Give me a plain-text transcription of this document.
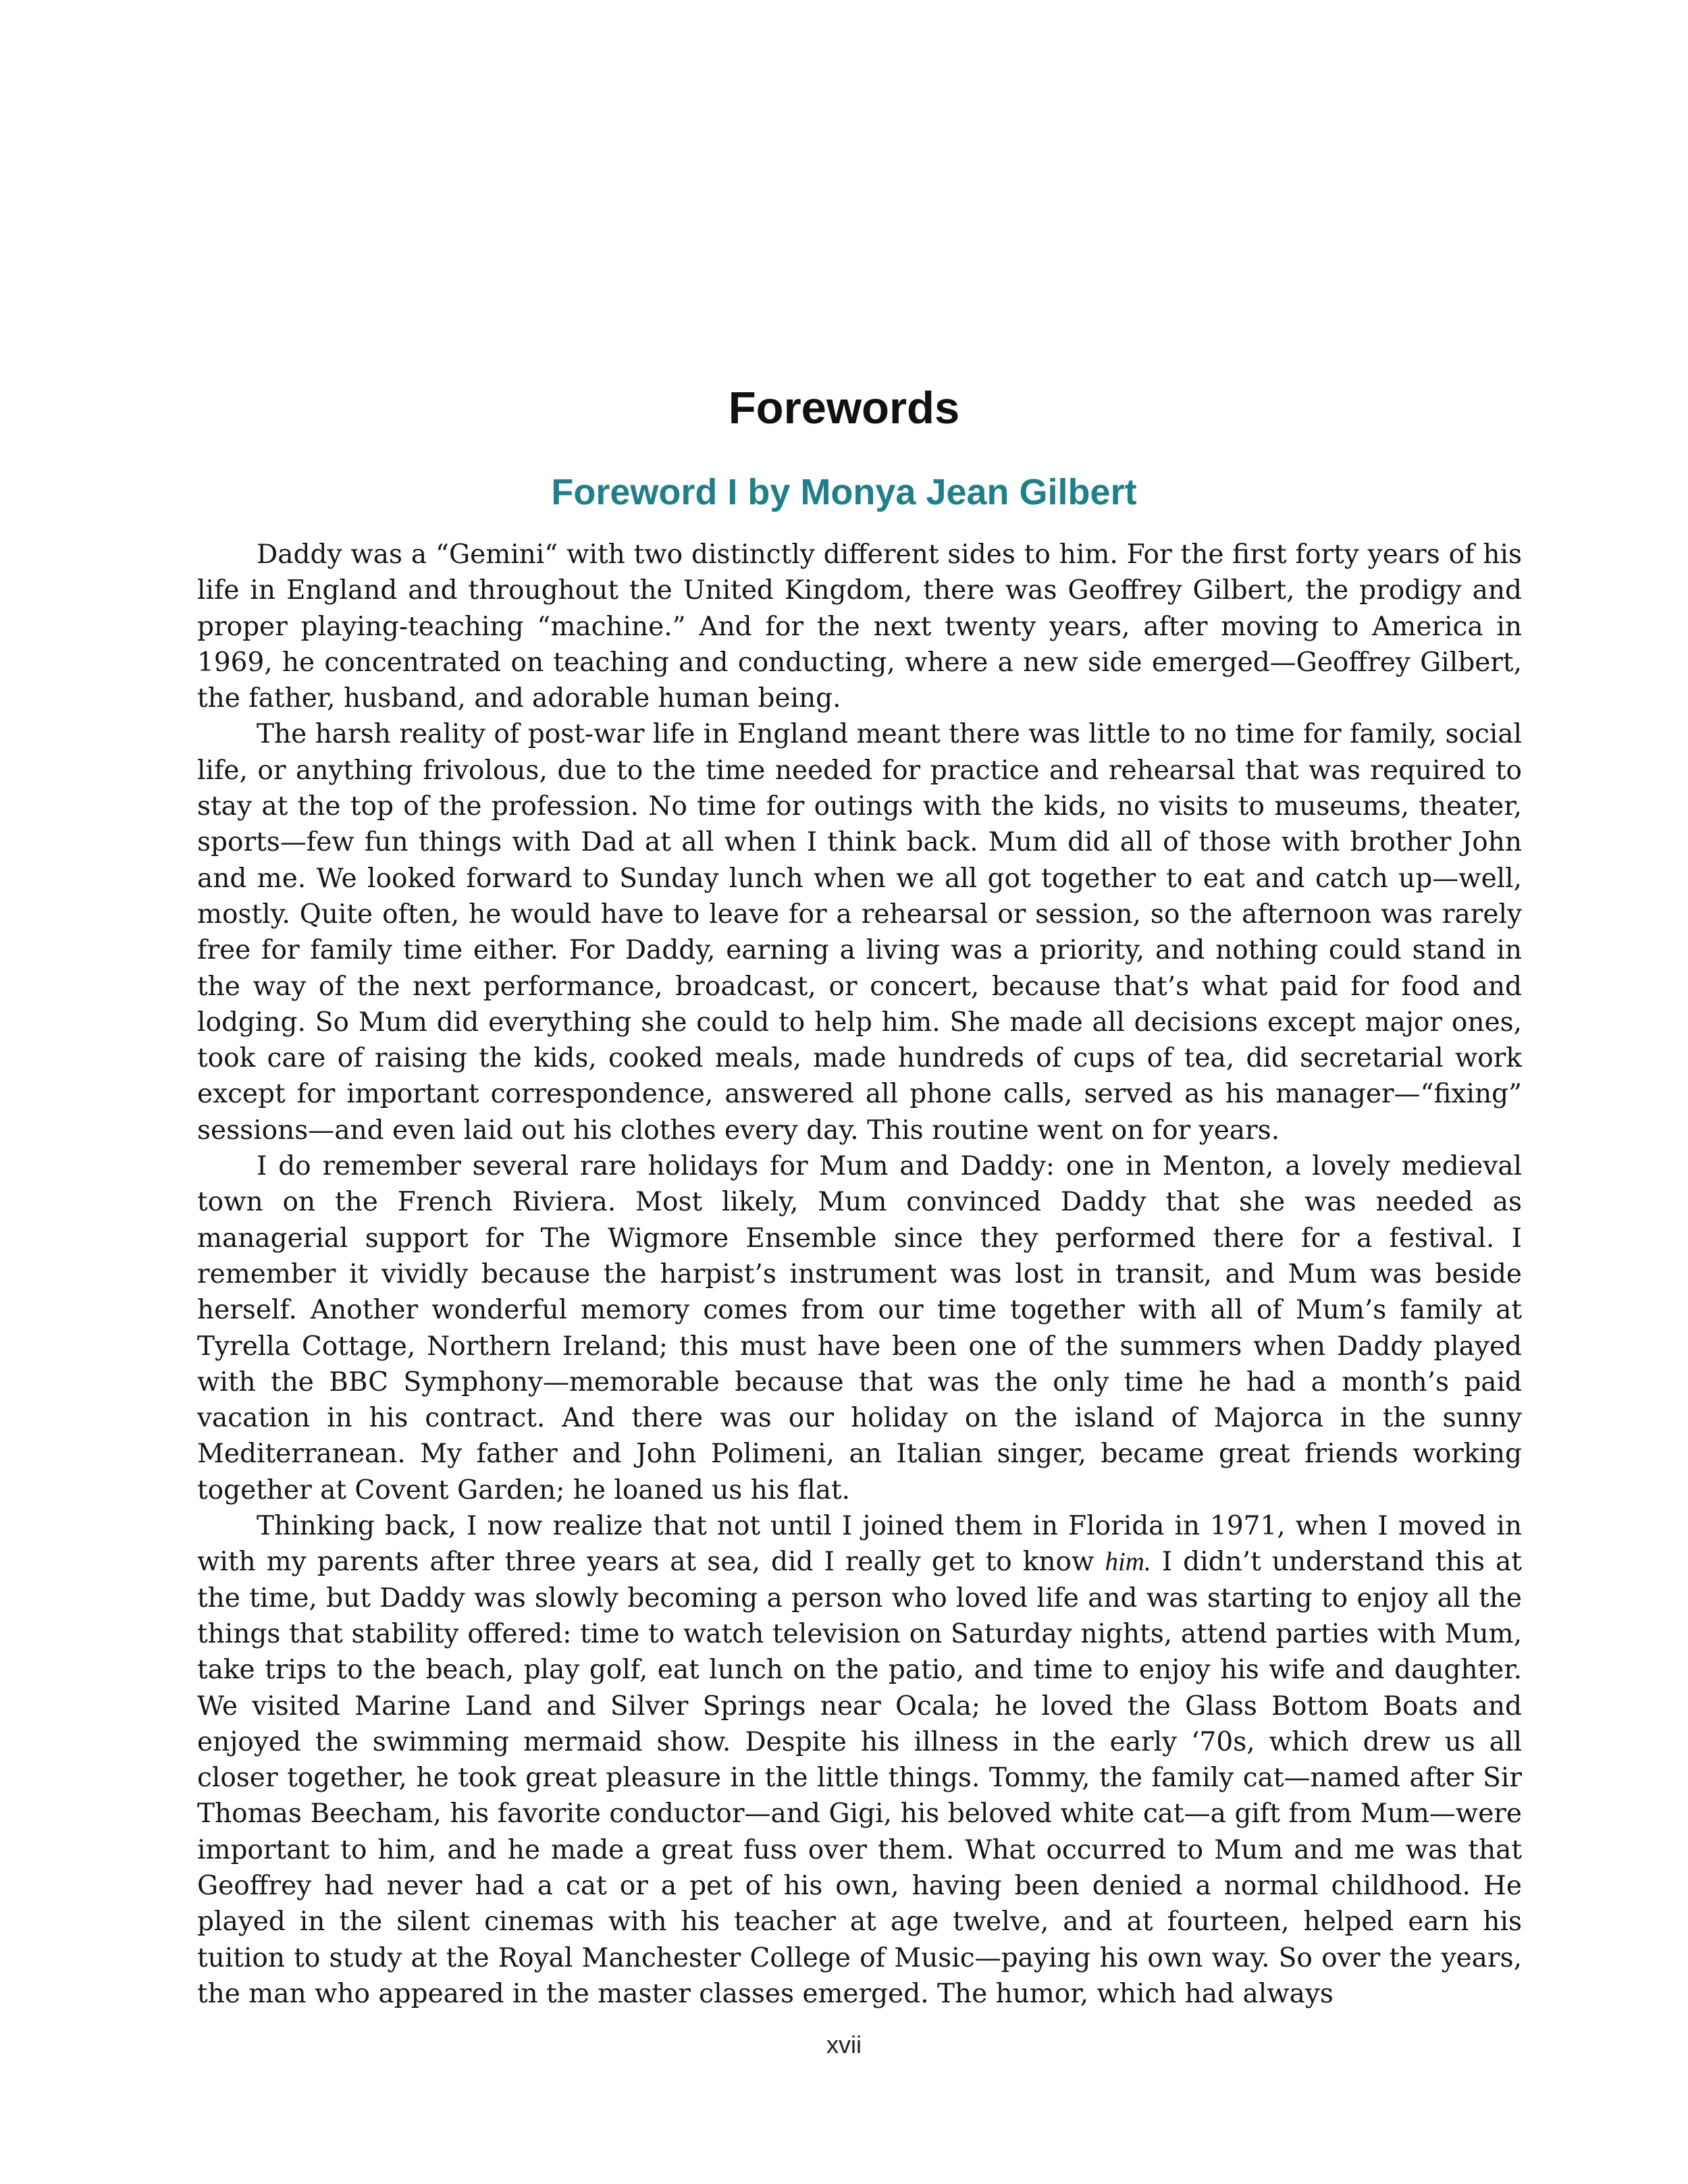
Forewords
Foreword I by Monya Jean Gilbert

Daddy was a “Gemini“ with two distinctly different sides to him. For the first forty years of his life in England and throughout the United Kingdom, there was Geoffrey Gilbert, the prodigy and proper playing-teaching “machine.” And for the next twenty years, after moving to America in 1969, he concentrated on teaching and conducting, where a new side emerged—Geoffrey Gilbert, the father, husband, and adorable human being.

The harsh reality of post-war life in England meant there was little to no time for family, social life, or anything frivolous, due to the time needed for practice and rehearsal that was required to stay at the top of the profession. No time for outings with the kids, no visits to museums, theater, sports—few fun things with Dad at all when I think back. Mum did all of those with brother John and me. We looked forward to Sunday lunch when we all got together to eat and catch up—well, mostly. Quite often, he would have to leave for a rehearsal or session, so the afternoon was rarely free for family time either. For Daddy, earning a living was a priority, and nothing could stand in the way of the next performance, broadcast, or concert, because that’s what paid for food and lodging. So Mum did everything she could to help him. She made all decisions except major ones, took care of raising the kids, cooked meals, made hundreds of cups of tea, did secretarial work except for important correspondence, answered all phone calls, served as his manager—“fixing” sessions—and even laid out his clothes every day. This routine went on for years.

I do remember several rare holidays for Mum and Daddy: one in Menton, a lovely medieval town on the French Riviera. Most likely, Mum convinced Daddy that she was needed as managerial support for The Wigmore Ensemble since they performed there for a festival. I remember it vividly because the harpist’s instrument was lost in transit, and Mum was beside herself. Another wonderful memory comes from our time together with all of Mum’s family at Tyrella Cottage, Northern Ireland; this must have been one of the summers when Daddy played with the BBC Symphony—memorable because that was the only time he had a month’s paid vacation in his contract. And there was our holiday on the island of Majorca in the sunny Mediterranean. My father and John Polimeni, an Italian singer, became great friends working together at Covent Garden; he loaned us his flat.

Thinking back, I now realize that not until I joined them in Florida in 1971, when I moved in with my parents after three years at sea, did I really get to know him. I didn’t understand this at the time, but Daddy was slowly becoming a person who loved life and was starting to enjoy all the things that stability offered: time to watch television on Saturday nights, attend parties with Mum, take trips to the beach, play golf, eat lunch on the patio, and time to enjoy his wife and daughter. We visited Marine Land and Silver Springs near Ocala; he loved the Glass Bottom Boats and enjoyed the swimming mermaid show. Despite his illness in the early ‘70s, which drew us all closer together, he took great pleasure in the little things. Tommy, the family cat—named after Sir Thomas Beecham, his favorite conductor—and Gigi, his beloved white cat—a gift from Mum—were important to him, and he made a great fuss over them. What occurred to Mum and me was that Geoffrey had never had a cat or a pet of his own, having been denied a normal childhood. He played in the silent cinemas with his teacher at age twelve, and at fourteen, helped earn his tuition to study at the Royal Manchester College of Music—paying his own way. So over the years, the man who appeared in the master classes emerged. The humor, which had always

xvii
